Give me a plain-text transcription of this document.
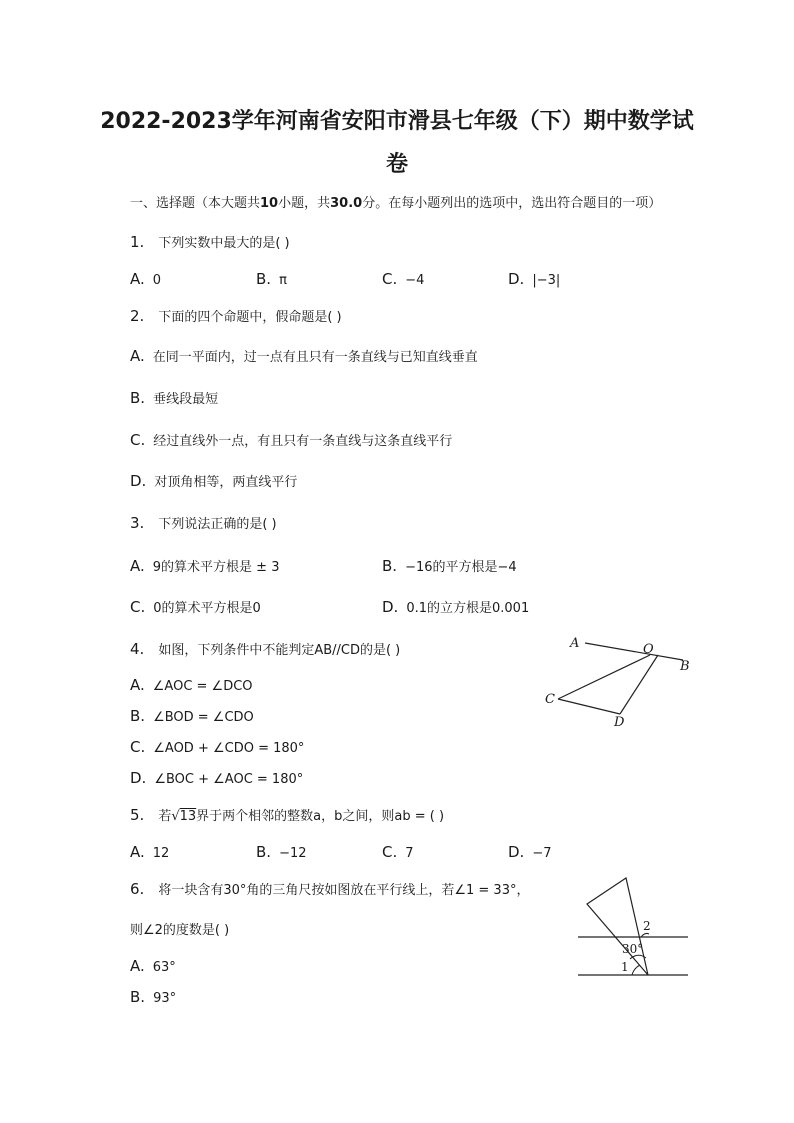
2022-2023学年河南省安阳市滑县七年级（下）期中数学试
卷
一、选择题（本大题共10小题，共30.0分。在每小题列出的选项中，选出符合题目的一项）
1. 下列实数中最大的是( )
A. 0	B. π	C. −4	D. |−3|
2. 下面的四个命题中，假命题是( )
A. 在同一平面内，过一点有且只有一条直线与已知直线垂直
B. 垂线段最短
C. 经过直线外一点，有且只有一条直线与这条直线平行
D. 对顶角相等，两直线平行
3. 下列说法正确的是( )
A. 9的算术平方根是 ± 3	B. −16的平方根是−4
C. 0的算术平方根是0	D. 0.1的立方根是0.001
4. 如图，下列条件中不能判定AB//CD的是( )
A. ∠AOC = ∠DCO
B. ∠BOD = ∠CDO
C. ∠AOD + ∠CDO = 180°
D. ∠BOC + ∠AOC = 180°
A	O
B
C
D
5. 若√13界于两个相邻的整数a，b之间，则ab = ( )
A. 12	B. −12	C. 7	D. −7
6. 将一块含有30°角的三角尺按如图放在平行线上，若∠1 = 33°，
则∠2的度数是( )
A. 63°
B. 93°
2
30°
1
